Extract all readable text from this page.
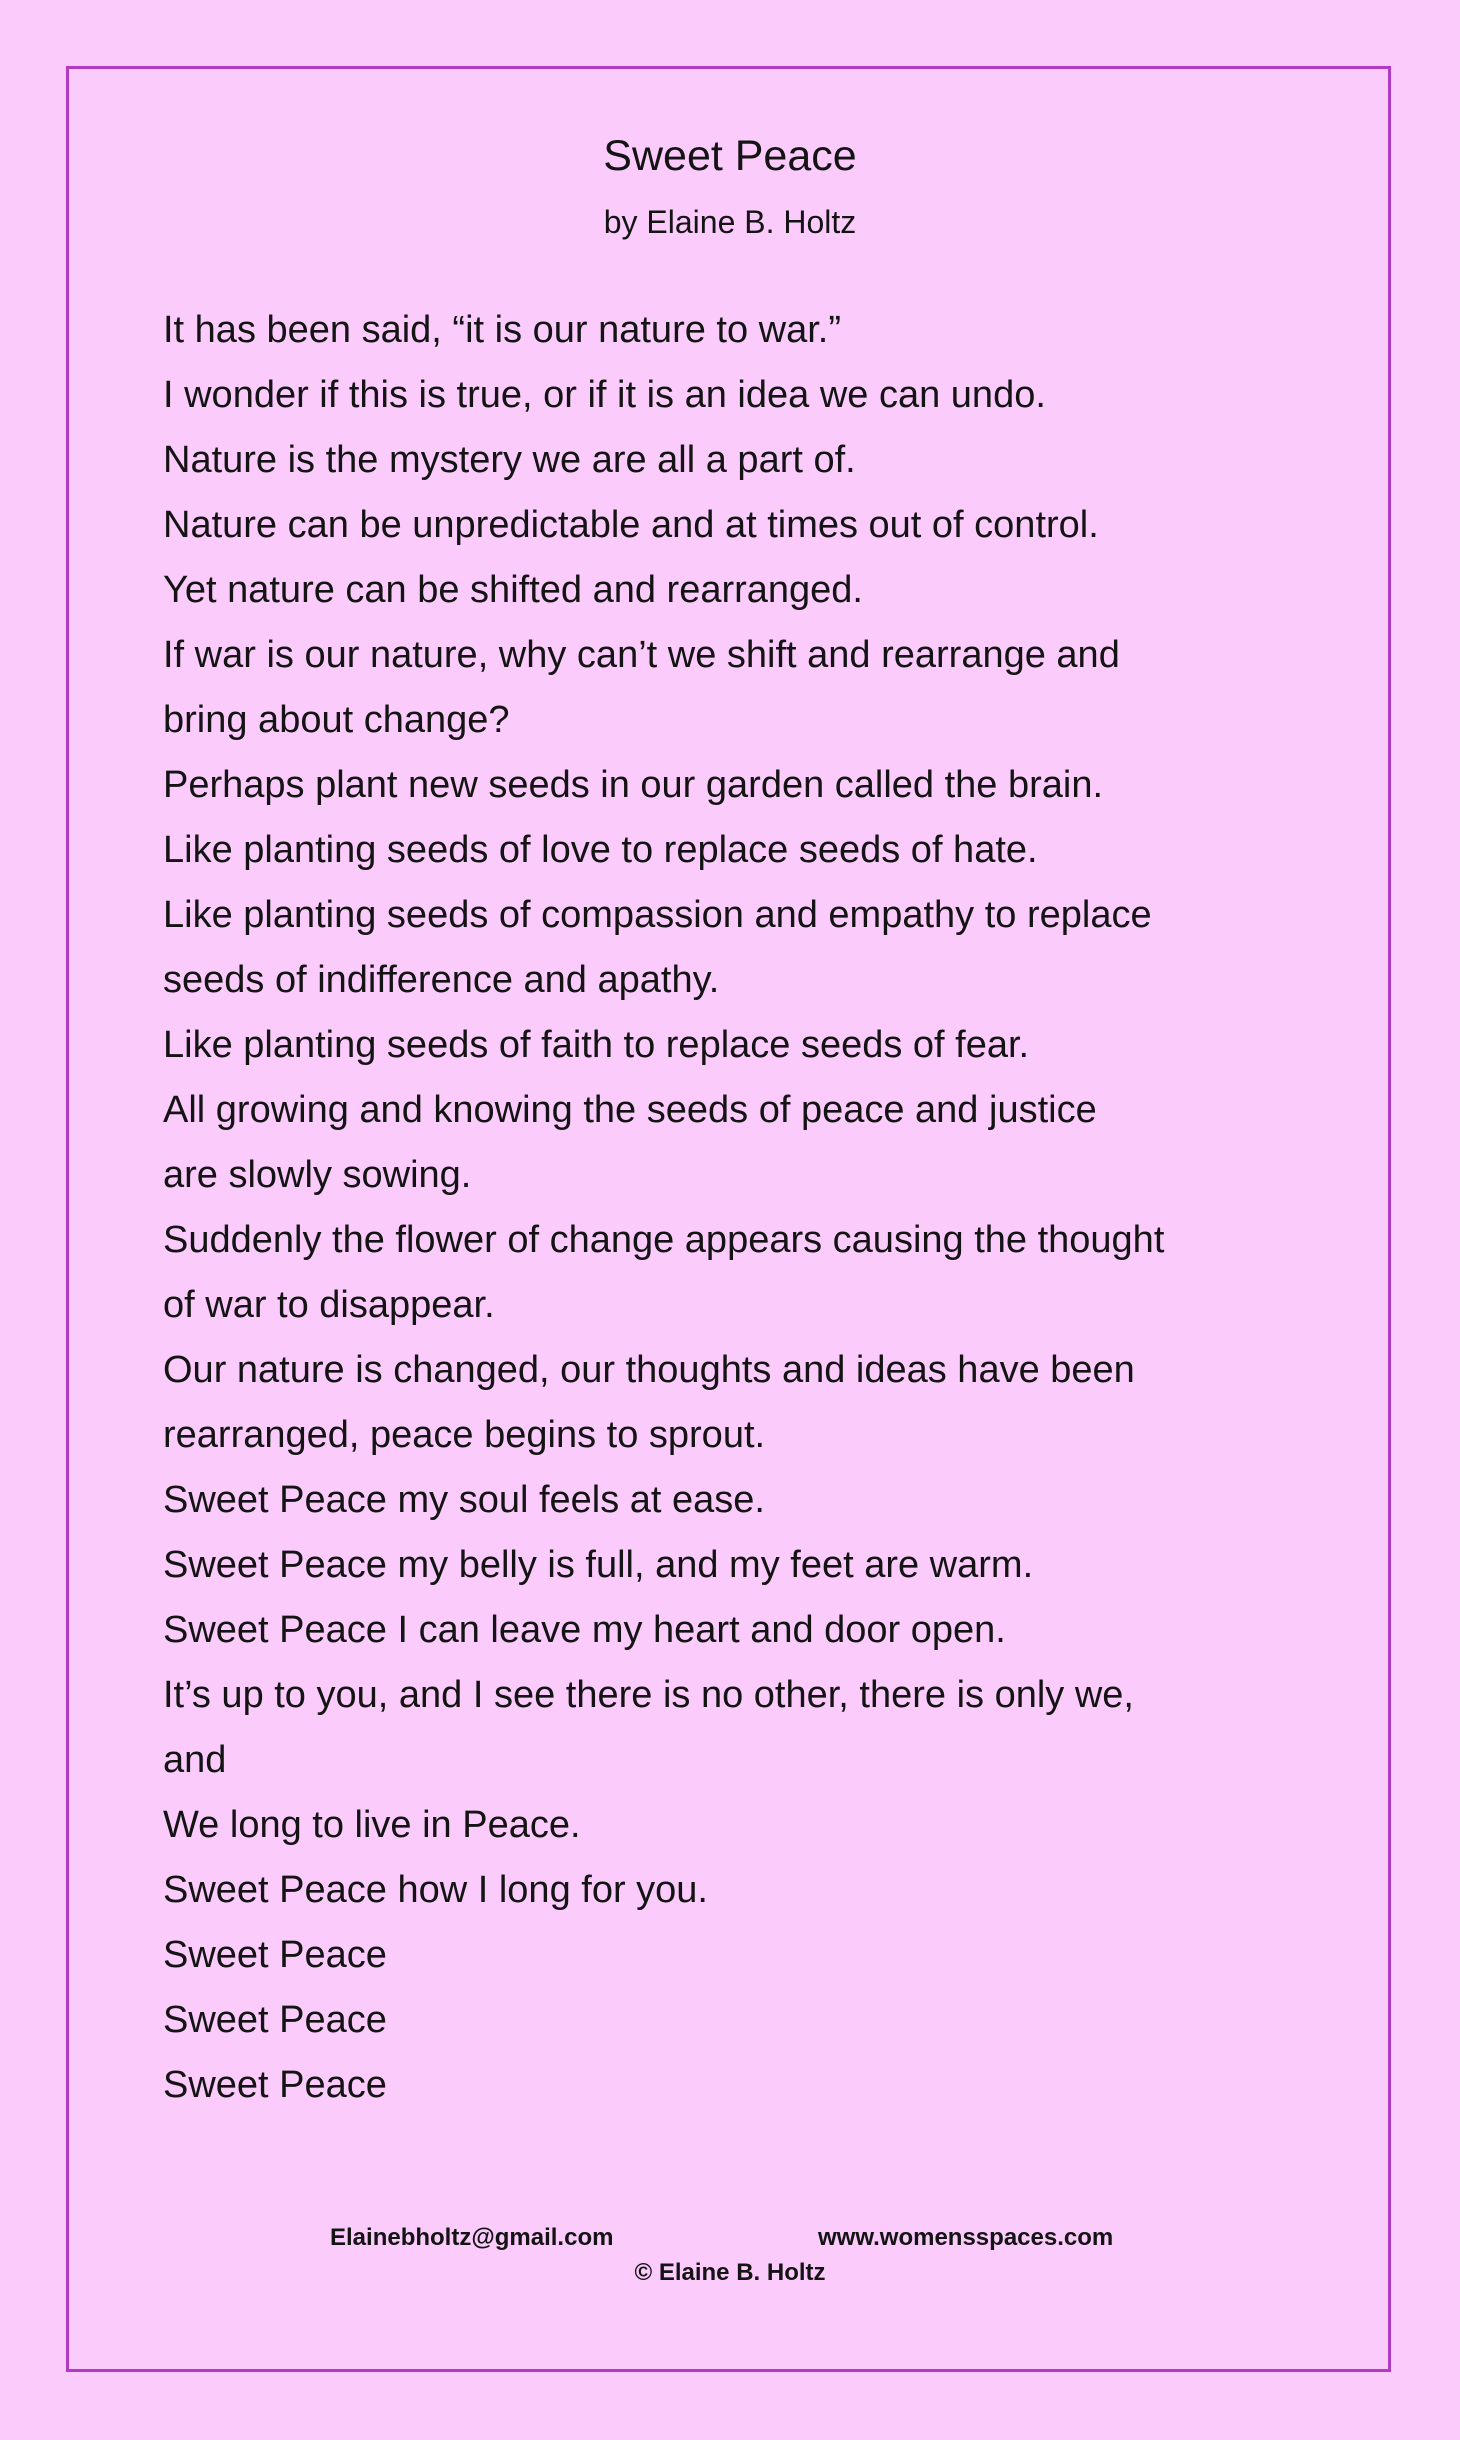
Sweet Peace
by Elaine B. Holtz
It has been said, “it is our nature to war.”
I wonder if this is true, or if it is an idea we can undo.
Nature is the mystery we are all a part of.
Nature can be unpredictable and at times out of control.
Yet nature can be shifted and rearranged.
If war is our nature, why can’t we shift and rearrange and
bring about change?
Perhaps plant new seeds in our garden called the brain.
Like planting seeds of love to replace seeds of hate.
Like planting seeds of compassion and empathy to replace
seeds of indifference and apathy.
Like planting seeds of faith to replace seeds of fear.
All growing and knowing the seeds of peace and justice
are slowly sowing.
Suddenly the flower of change appears causing the thought
of war to disappear.
Our nature is changed, our thoughts and ideas have been
rearranged, peace begins to sprout.
Sweet Peace my soul feels at ease.
Sweet Peace my belly is full, and my feet are warm.
Sweet Peace I can leave my heart and door open.
It’s up to you, and I see there is no other, there is only we,
and
We long to live in Peace.
Sweet Peace how I long for you.
Sweet Peace
Sweet Peace
Sweet Peace
Elainebholtz@gmail.com	www.womensspaces.com
© Elaine B. Holtz
